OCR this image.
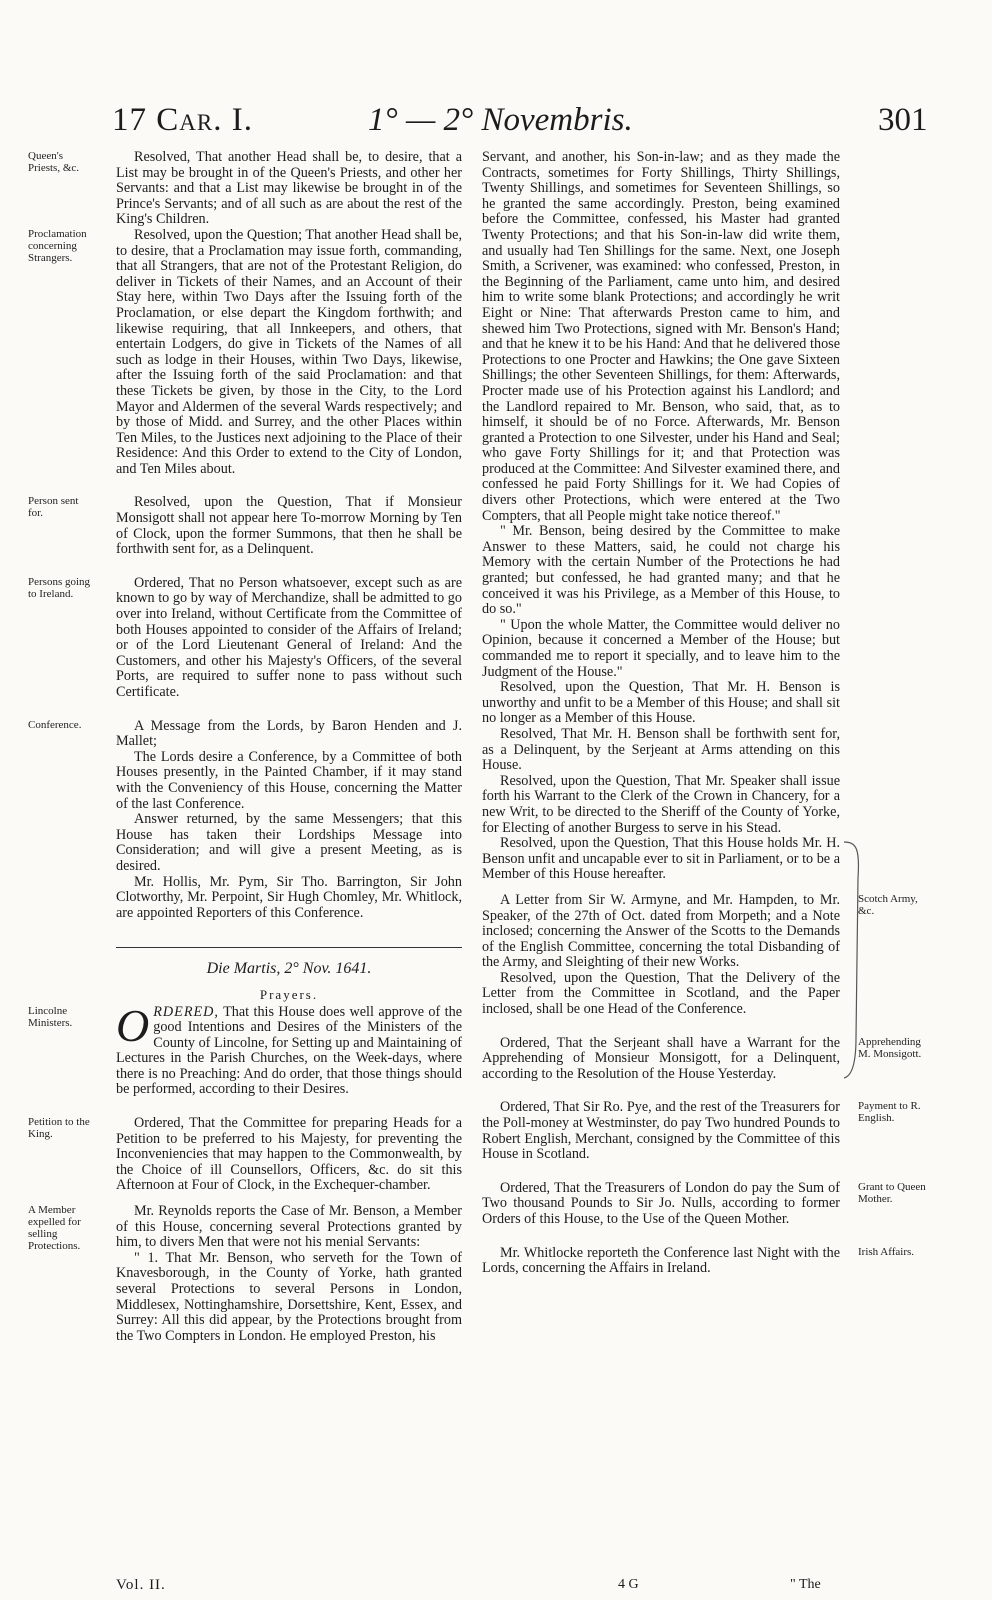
17 Car. I.	1° — 2° Novembris.	301
Queen's Priests, &c.

Resolved, That another Head shall be, to desire, that a List may be brought in of the Queen's Priests, and other her Servants: and that a List may likewise be brought in of the Prince's Servants; and of all such as are about the rest of the King's Children.

Proclamation concerning Strangers.

Resolved, upon the Question; That another Head shall be, to desire, that a Proclamation may issue forth, commanding, that all Strangers, that are not of the Protestant Religion, do deliver in Tickets of their Names, and an Account of their Stay here, within Two Days after the Issuing forth of the Proclamation, or else depart the Kingdom forthwith; and likewise requiring, that all Innkeepers, and others, that entertain Lodgers, do give in Tickets of the Names of all such as lodge in their Houses, within Two Days, likewise, after the Issuing forth of the said Proclamation: and that these Tickets be given, by those in the City, to the Lord Mayor and Aldermen of the several Wards respectively; and by those of Midd. and Surrey, and the other Places within Ten Miles, to the Justices next adjoining to the Place of their Residence: And this Order to extend to the City of London, and Ten Miles about.

Person sent for.

Resolved, upon the Question, That if Monsieur Monsigott shall not appear here To-morrow Morning by Ten of Clock, upon the former Summons, that then he shall be forthwith sent for, as a Delinquent.

Persons going to Ireland.

Ordered, That no Person whatsoever, except such as are known to go by way of Merchandize, shall be admitted to go over into Ireland, without Certificate from the Committee of both Houses appointed to consider of the Affairs of Ireland; or of the Lord Lieutenant General of Ireland: And the Customers, and other his Majesty's Officers, of the several Ports, are required to suffer none to pass without such Certificate.

Conference.	A Message from the Lords, by Baron Henden and J. Mallet;

The Lords desire a Conference, by a Committee of both Houses presently, in the Painted Chamber, if it may stand with the Conveniency of this House, concerning the Matter of the last Conference.

Answer returned, by the same Messengers; that this House has taken their Lordships Message into Consideration; and will give a present Meeting, as is desired.

Mr. Hollis, Mr. Pym, Sir Tho. Barrington, Sir John Clotworthy, Mr. Perpoint, Sir Hugh Chomley, Mr. Whitlock, are appointed Reporters of this Conference.

Die Martis, 2° Nov. 1641.
Prayers.
Lincolne Ministers. ORDERED, That this House does well approve of the good Intentions and Desires of the Ministers of the County of Lincolne, for Setting up and Maintaining of Lectures in the Parish Churches, on the Week-days, where there is no Preaching: And do order, that those things should be performed, according to their Desires.

Petition to the King.

Ordered, That the Committee for preparing Heads for a Petition to be preferred to his Majesty, for preventing the Inconveniencies that may happen to the Commonwealth, by the Choice of ill Counsellors, Officers, &c. do sit this Afternoon at Four of Clock, in the Exchequer-chamber.

A Member expelled for selling Protections.

Mr. Reynolds reports the Case of Mr. Benson, a Member of this House, concerning several Protections granted by him, to divers Men that were not his menial Servants:

" 1. That Mr. Benson, who serveth for the Town of Knavesborough, in the County of Yorke, hath granted several Protections to several Persons in London, Middlesex, Nottinghamshire, Dorsettshire, Kent, Essex, and Surrey: All this did appear, by the Protections brought from the Two Compters in London. He employed Preston, his

Servant, and another, his Son-in-law; and as they made the Contracts, sometimes for Forty Shillings, Thirty Shillings, Twenty Shillings, and sometimes for Seventeen Shillings, so he granted the same accordingly. Preston, being examined before the Committee, confessed, his Master had granted Twenty Protections; and that his Son-in-law did write them, and usually had Ten Shillings for the same. Next, one Joseph Smith, a Scrivener, was examined: who confessed, Preston, in the Beginning of the Parliament, came unto him, and desired him to write some blank Protections; and accordingly he writ Eight or Nine: That afterwards Preston came to him, and shewed him Two Protections, signed with Mr. Benson's Hand; and that he knew it to be his Hand: And that he delivered those Protections to one Procter and Hawkins; the One gave Sixteen Shillings; the other Seventeen Shillings, for them: Afterwards, Procter made use of his Protection against his Landlord; and the Landlord repaired to Mr. Benson, who said, that, as to himself, it should be of no Force. Afterwards, Mr. Benson granted a Protection to one Silvester, under his Hand and Seal; who gave Forty Shillings for it; and that Protection was produced at the Committee: And Silvester examined there, and confessed he paid Forty Shillings for it. We had Copies of divers other Protections, which were entered at the Two Compters, that all People might take notice thereof."

" Mr. Benson, being desired by the Committee to make Answer to these Matters, said, he could not charge his Memory with the certain Number of the Protections he had granted; but confessed, he had granted many; and that he conceived it was his Privilege, as a Member of this House, to do so."

" Upon the whole Matter, the Committee would deliver no Opinion, because it concerned a Member of the House; but commanded me to report it specially, and to leave him to the Judgment of the House."

Resolved, upon the Question, That Mr. H. Benson is unworthy and unfit to be a Member of this House; and shall sit no longer as a Member of this House.

Resolved, That Mr. H. Benson shall be forthwith sent for, as a Delinquent, by the Serjeant at Arms attending on this House.

Resolved, upon the Question, That Mr. Speaker shall issue forth his Warrant to the Clerk of the Crown in Chancery, for a new Writ, to be directed to the Sheriff of the County of Yorke, for Electing of another Burgess to serve in his Stead.

Resolved, upon the Question, That this House holds Mr. H. Benson unfit and uncapable ever to sit in Parliament, or to be a Member of this House hereafter.

Scotch Army, &c.

A Letter from Sir W. Armyne, and Mr. Hampden, to Mr. Speaker, of the 27th of Oct. dated from Morpeth; and a Note inclosed; concerning the Answer of the Scotts to the Demands of the English Committee, concerning the total Disbanding of the Army, and Sleighting of their new Works.

Resolved, upon the Question, That the Delivery of the Letter from the Committee in Scotland, and the Paper inclosed, shall be one Head of the Conference.

Apprehending M. Monsigott.

Ordered, That the Serjeant shall have a Warrant for the Apprehending of Monsieur Monsigott, for a Delinquent, according to the Resolution of the House Yesterday.

Payment to R. English.

Ordered, That Sir Ro. Pye, and the rest of the Treasurers for the Poll-money at Westminster, do pay Two hundred Pounds to Robert English, Merchant, consigned by the Committee of this House in Scotland.

Grant to Queen Mother.

Ordered, That the Treasurers of London do pay the Sum of Two thousand Pounds to Sir Jo. Nulls, according to former Orders of this House, to the Use of the Queen Mother.

Irish Affairs.

Mr. Whitlocke reporteth the Conference last Night with the Lords, concerning the Affairs in Ireland.

Vol. II.	4 G	" The
